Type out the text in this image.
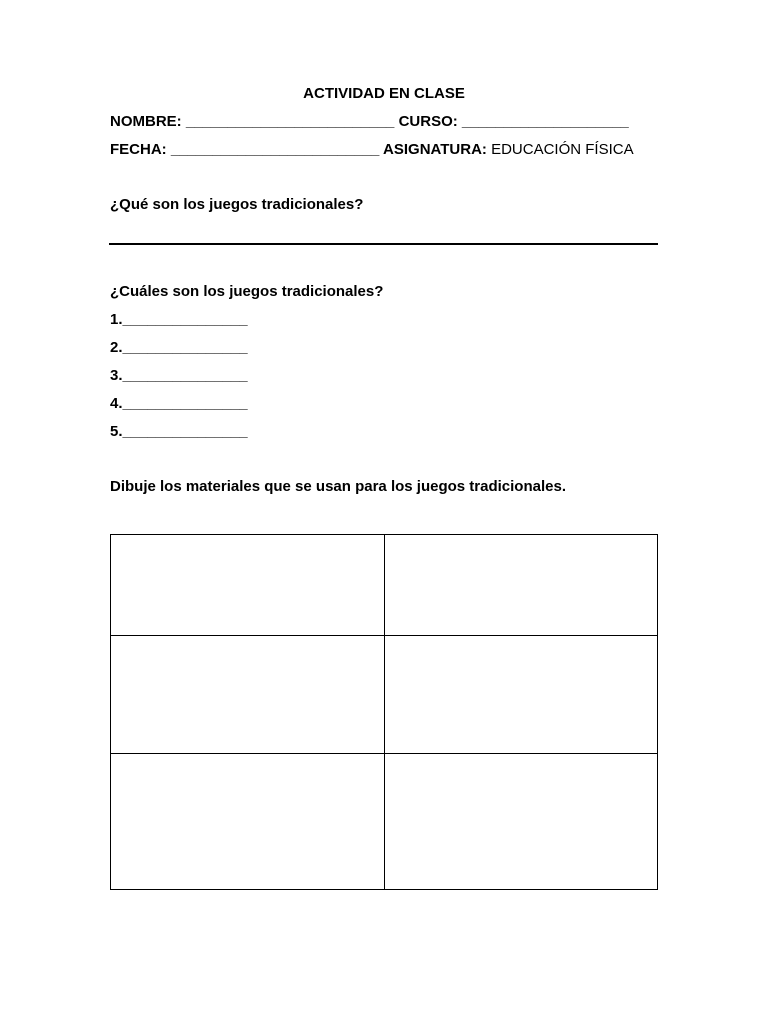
ACTIVIDAD EN CLASE
NOMBRE: _________________________ CURSO: ____________________
FECHA: _________________________ ASIGNATURA: EDUCACIÓN FÍSICA
¿Qué son los juegos tradicionales?
¿Cuáles son los juegos tradicionales?
1._______________
2._______________
3._______________
4._______________
5._______________
Dibuje los materiales que se usan para los juegos tradicionales.
